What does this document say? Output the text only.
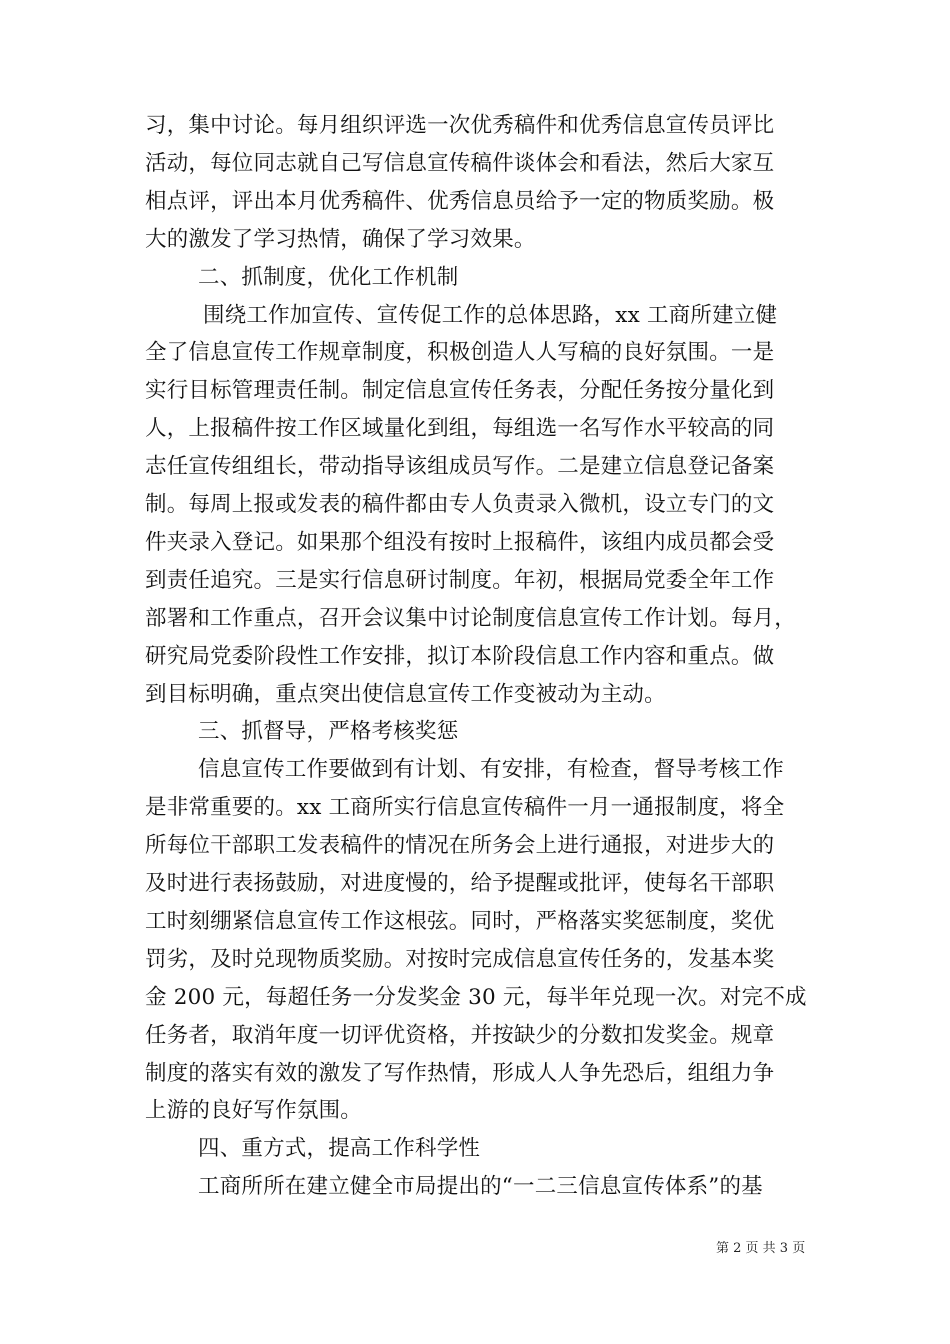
习，集中讨论。每月组织评选一次优秀稿件和优秀信息宣传员评比
活动，每位同志就自己写信息宣传稿件谈体会和看法，然后大家互
相点评，评出本月优秀稿件、优秀信息员给予一定的物质奖励。极
大的激发了学习热情，确保了学习效果。
二、抓制度，优化工作机制
围绕工作加宣传、宣传促工作的总体思路，xx 工商所建立健
全了信息宣传工作规章制度，积极创造人人写稿的良好氛围。一是
实行目标管理责任制。制定信息宣传任务表，分配任务按分量化到
人，上报稿件按工作区域量化到组，每组选一名写作水平较高的同
志任宣传组组长，带动指导该组成员写作。二是建立信息登记备案
制。每周上报或发表的稿件都由专人负责录入微机，设立专门的文
件夹录入登记。如果那个组没有按时上报稿件，该组内成员都会受
到责任追究。三是实行信息研讨制度。年初，根据局党委全年工作
部署和工作重点，召开会议集中讨论制度信息宣传工作计划。每月，
研究局党委阶段性工作安排，拟订本阶段信息工作内容和重点。做
到目标明确，重点突出使信息宣传工作变被动为主动。
三、抓督导，严格考核奖惩
信息宣传工作要做到有计划、有安排，有检查，督导考核工作
是非常重要的。xx 工商所实行信息宣传稿件一月一通报制度，将全
所每位干部职工发表稿件的情况在所务会上进行通报，对进步大的
及时进行表扬鼓励，对进度慢的，给予提醒或批评，使每名干部职
工时刻绷紧信息宣传工作这根弦。同时，严格落实奖惩制度，奖优
罚劣，及时兑现物质奖励。对按时完成信息宣传任务的，发基本奖
金 200 元，每超任务一分发奖金 30 元，每半年兑现一次。对完不成
任务者，取消年度一切评优资格，并按缺少的分数扣发奖金。规章
制度的落实有效的激发了写作热情，形成人人争先恐后，组组力争
上游的良好写作氛围。
第 2 页 共 3 页
四、重方式，提高工作科学性
工商所所在建立健全市局提出的“一二三信息宣传体系”的基
